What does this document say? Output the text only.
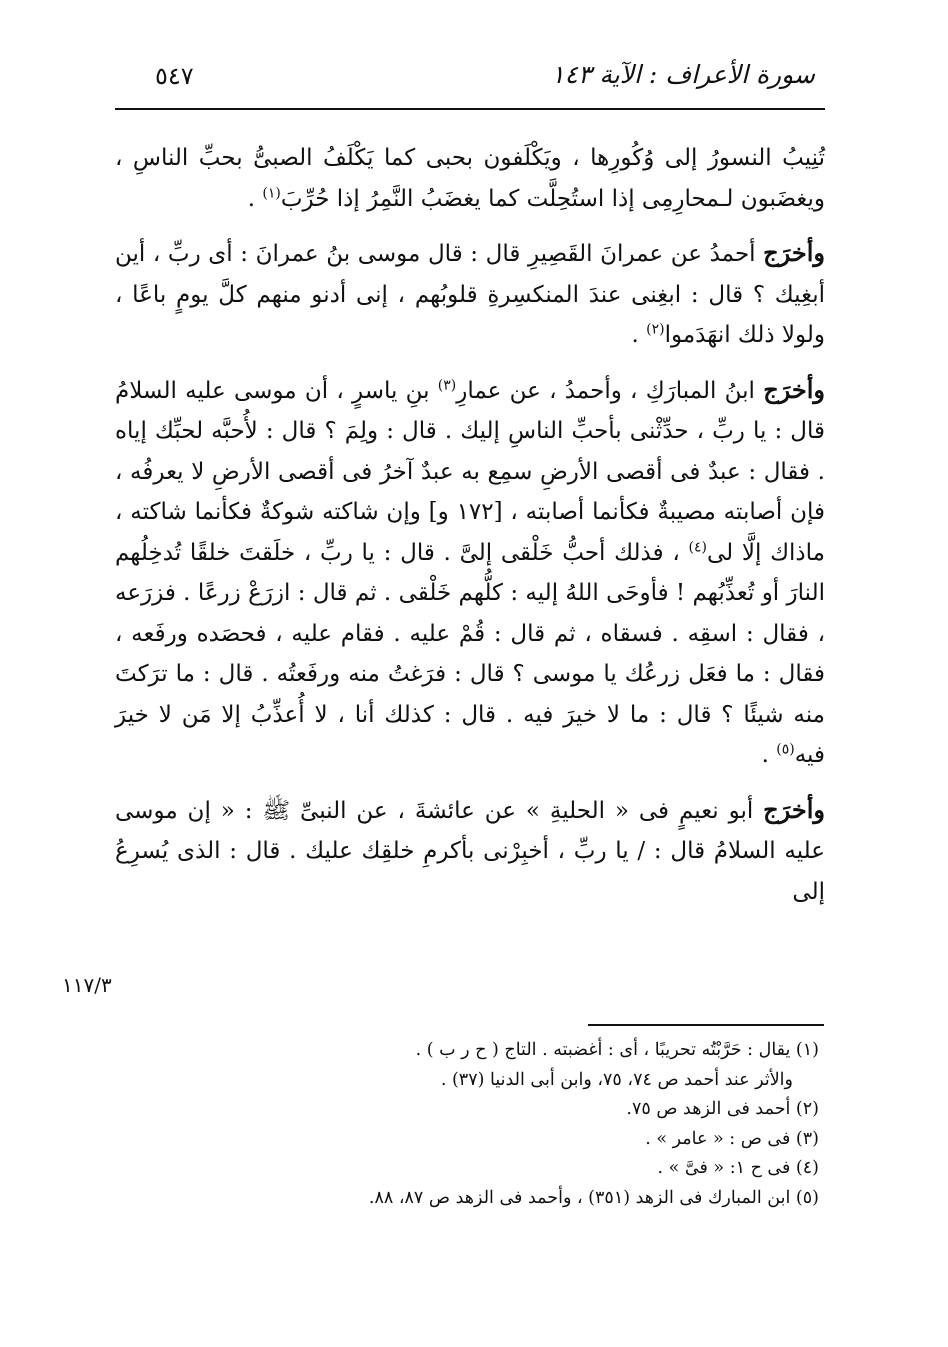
٥٤٧	سورة الأعراف : الآية ١٤٣

تُنِيبُ النسورُ إلى وُكُورِها ، ويَكْلَفون بحبى كما يَكْلَفُ الصبىُّ بحبِّ الناسِ ، ويغضَبون لـمحارِمِى إذا استُحِلَّت كما يغضَبُ النَّمِرُ إذا حُرِّبَ$^{(١)}$ .

وأخرَج أحمدُ عن عمرانَ القَصِيرِ قال : قال موسى بنُ عمرانَ : أى ربِّ ، أين أبغِيك ؟ قال : ابغِنى عندَ المنكسِرةِ قلوبُهم ، إنى أدنو منهم كلَّ يومٍ باعًا ، ولولا ذلك انهَدَموا$^{(٢)}$ .

وأخرَج ابنُ المبارَكِ ، وأحمدُ ، عن عمارِ$^{(٣)}$ بنِ ياسرٍ ، أن موسى عليه السلامُ قال : يا ربِّ ، حدِّثْنى بأحبِّ الناسِ إليك . قال : ولِمَ ؟ قال : لأُحبَّه لحبِّك إياه . فقال : عبدٌ فى أقصى الأرضِ سمِع به عبدٌ آخرُ فى أقصى الأرضِ لا يعرفُه ، فإن أصابته مصيبةٌ فكأنما أصابته ، [١٧٢ و] وإن شاكته شوكةٌ فكأنما شاكته ، ماذاك إلَّا لى$^{(٤)}$ ، فذلك أحبُّ خَلْقى إلىَّ . قال : يا ربِّ ، خلَقتَ خلقًا تُدخِلُهم النارَ أو تُعذِّبُهم ! فأوحَى اللهُ إليه : كلُّهم خَلْقى . ثم قال : ازرَعْ زرعًا . فزرَعه ، فقال : اسقِه . فسقاه ، ثم قال : قُمْ عليه . فقام عليه ، فحصَده ورفَعه ، فقال : ما فعَل زرعُك يا موسى ؟ قال : فرَغتُ منه ورفَعتُه . قال : ما ترَكتَ منه شيئًا ؟ قال : ما لا خيرَ فيه . قال : كذلك أنا ، لا أُعذِّبُ إلا مَن لا خيرَ فيه$^{(٥)}$ .

وأخرَج أبو نعيمٍ فى « الحليةِ » عن عائشةَ ، عن النبىِّ ﷺ : « إن موسى عليه السلامُ قال : / يا ربِّ ، أخبِرْنى بأكرمِ خلقِك عليك . قال : الذى يُسرِعُ إلى

١١٧/٣

(١) يقال : حَرَّبْتُه تحريبًا ، أى : أغضبته . التاج ( ح ر ب ) .

والأثر عند أحمد ص ٧٤، ٧٥، وابن أبى الدنيا (٣٧) .

(٢) أحمد فى الزهد ص ٧٥.

(٣) فى ص : « عامر » .

(٤) فى ح ١: « فىَّ » .

(٥) ابن المبارك فى الزهد (٣٥١) ، وأحمد فى الزهد ص ٨٧، ٨٨.
